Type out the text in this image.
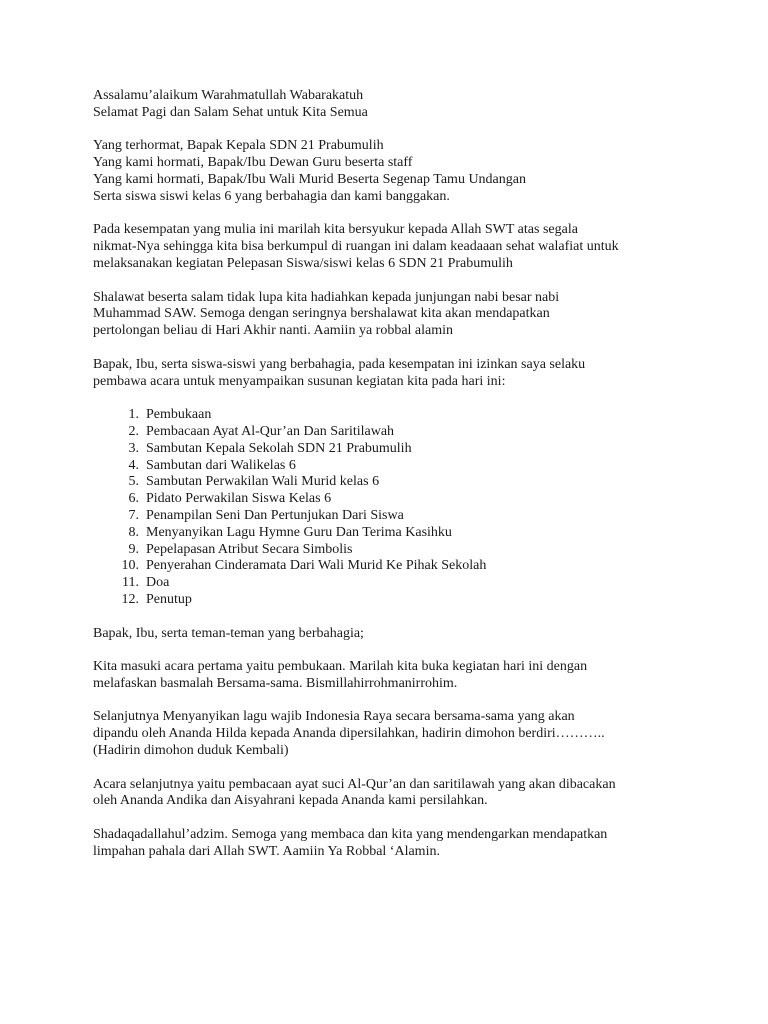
Assalamu’alaikum Warahmatullah Wabarakatuh
Selamat Pagi dan Salam Sehat untuk Kita Semua
Yang terhormat, Bapak Kepala SDN 21 Prabumulih
Yang kami hormati, Bapak/Ibu Dewan Guru beserta staff
Yang kami hormati, Bapak/Ibu Wali Murid Beserta Segenap Tamu Undangan
Serta siswa siswi kelas 6 yang berbahagia dan kami banggakan.
Pada kesempatan yang mulia ini marilah kita bersyukur kepada Allah SWT atas segala
nikmat-Nya sehingga kita bisa berkumpul di ruangan ini dalam keadaaan sehat walafiat untuk
melaksanakan kegiatan Pelepasan Siswa/siswi kelas 6 SDN 21 Prabumulih
Shalawat beserta salam tidak lupa kita hadiahkan kepada junjungan nabi besar nabi
Muhammad SAW. Semoga dengan seringnya bershalawat kita akan mendapatkan
pertolongan beliau di Hari Akhir nanti. Aamiin ya robbal alamin
Bapak, Ibu, serta siswa-siswi yang berbahagia, pada kesempatan ini izinkan saya selaku
pembawa acara untuk menyampaikan susunan kegiatan kita pada hari ini:
1.
Pembukaan
2.
Pembacaan Ayat Al-Qur’an Dan Saritilawah
3.
Sambutan Kepala Sekolah SDN 21 Prabumulih
4.
Sambutan dari Walikelas 6
5.
Sambutan Perwakilan Wali Murid kelas 6
6.
Pidato Perwakilan Siswa Kelas 6
7.
Penampilan Seni Dan Pertunjukan Dari Siswa
8.
Menyanyikan Lagu Hymne Guru Dan Terima Kasihku
9.
Pepelapasan Atribut Secara Simbolis
10.
Penyerahan Cinderamata Dari Wali Murid Ke Pihak Sekolah
11.
Doa
12.
Penutup
Bapak, Ibu, serta teman-teman yang berbahagia;
Kita masuki acara pertama yaitu pembukaan. Marilah kita buka kegiatan hari ini dengan
melafaskan basmalah Bersama-sama. Bismillahirrohmanirrohim.
Selanjutnya Menyanyikan lagu wajib Indonesia Raya secara bersama-sama yang akan
dipandu oleh Ananda Hilda kepada Ananda dipersilahkan, hadirin dimohon berdiri………..
(Hadirin dimohon duduk Kembali)
Acara selanjutnya yaitu pembacaan ayat suci Al-Qur’an dan saritilawah yang akan dibacakan
oleh Ananda Andika dan Aisyahrani kepada Ananda kami persilahkan.
Shadaqadallahul’adzim. Semoga yang membaca dan kita yang mendengarkan mendapatkan
limpahan pahala dari Allah SWT. Aamiin Ya Robbal ‘Alamin.
